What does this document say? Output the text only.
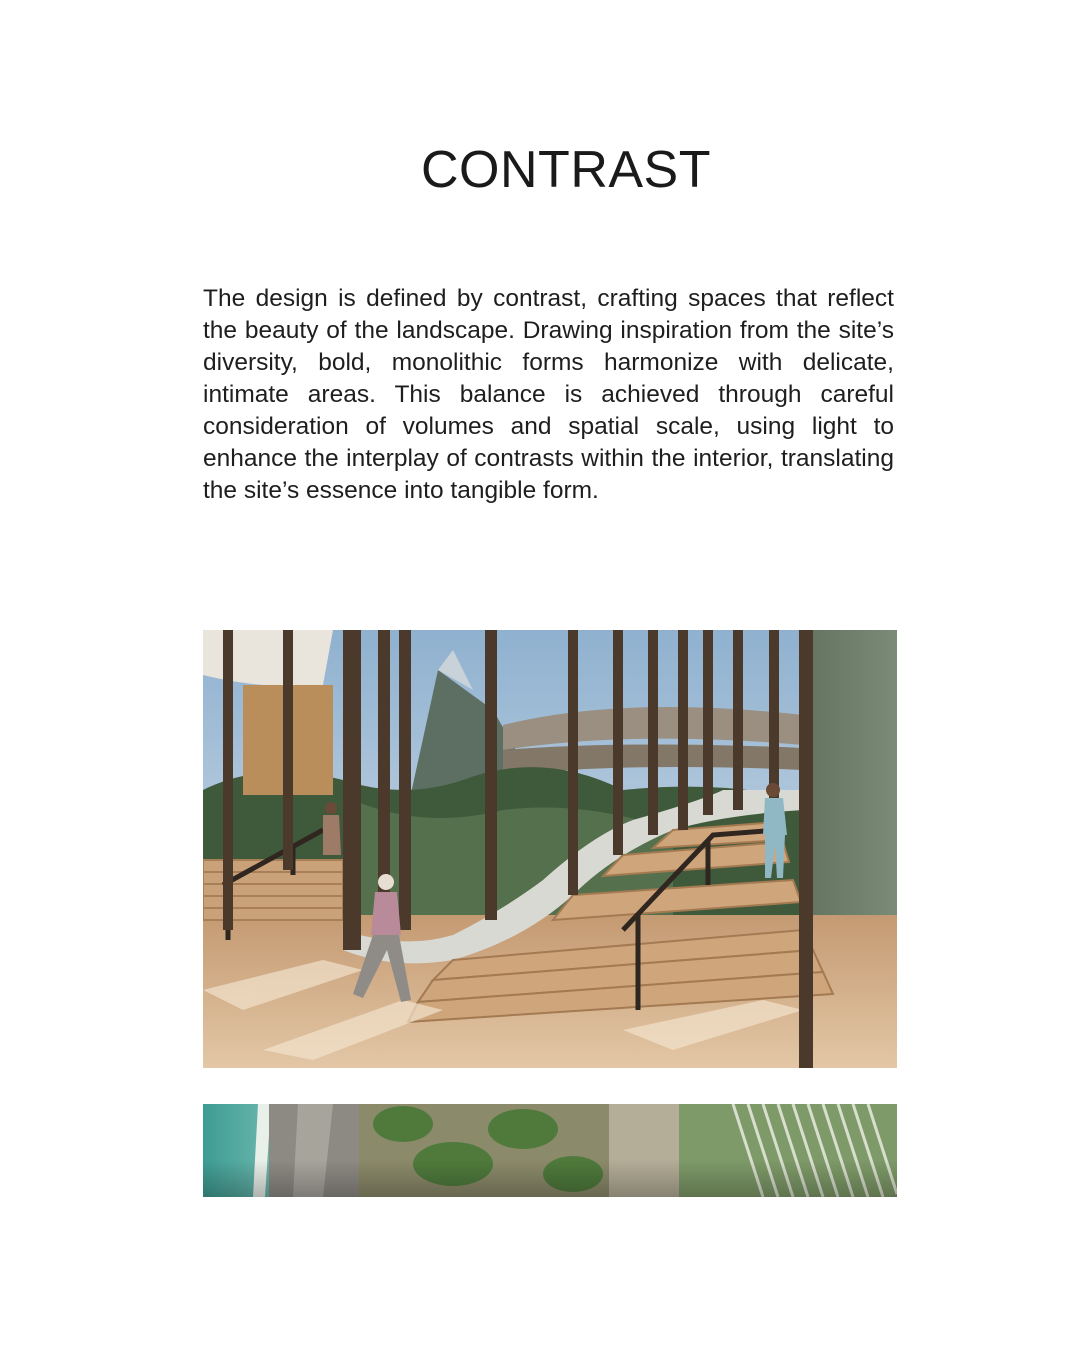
CONTRAST

The design is defined by contrast, crafting spaces that reflect the beauty of the landscape. Drawing inspiration from the site’s diversity, bold, monolithic forms harmonize with delicate, intimate areas. This balance is achieved through careful consideration of volumes and spatial scale, using light to enhance the interplay of contrasts within the interior, translating the site’s essence into tangible form.
